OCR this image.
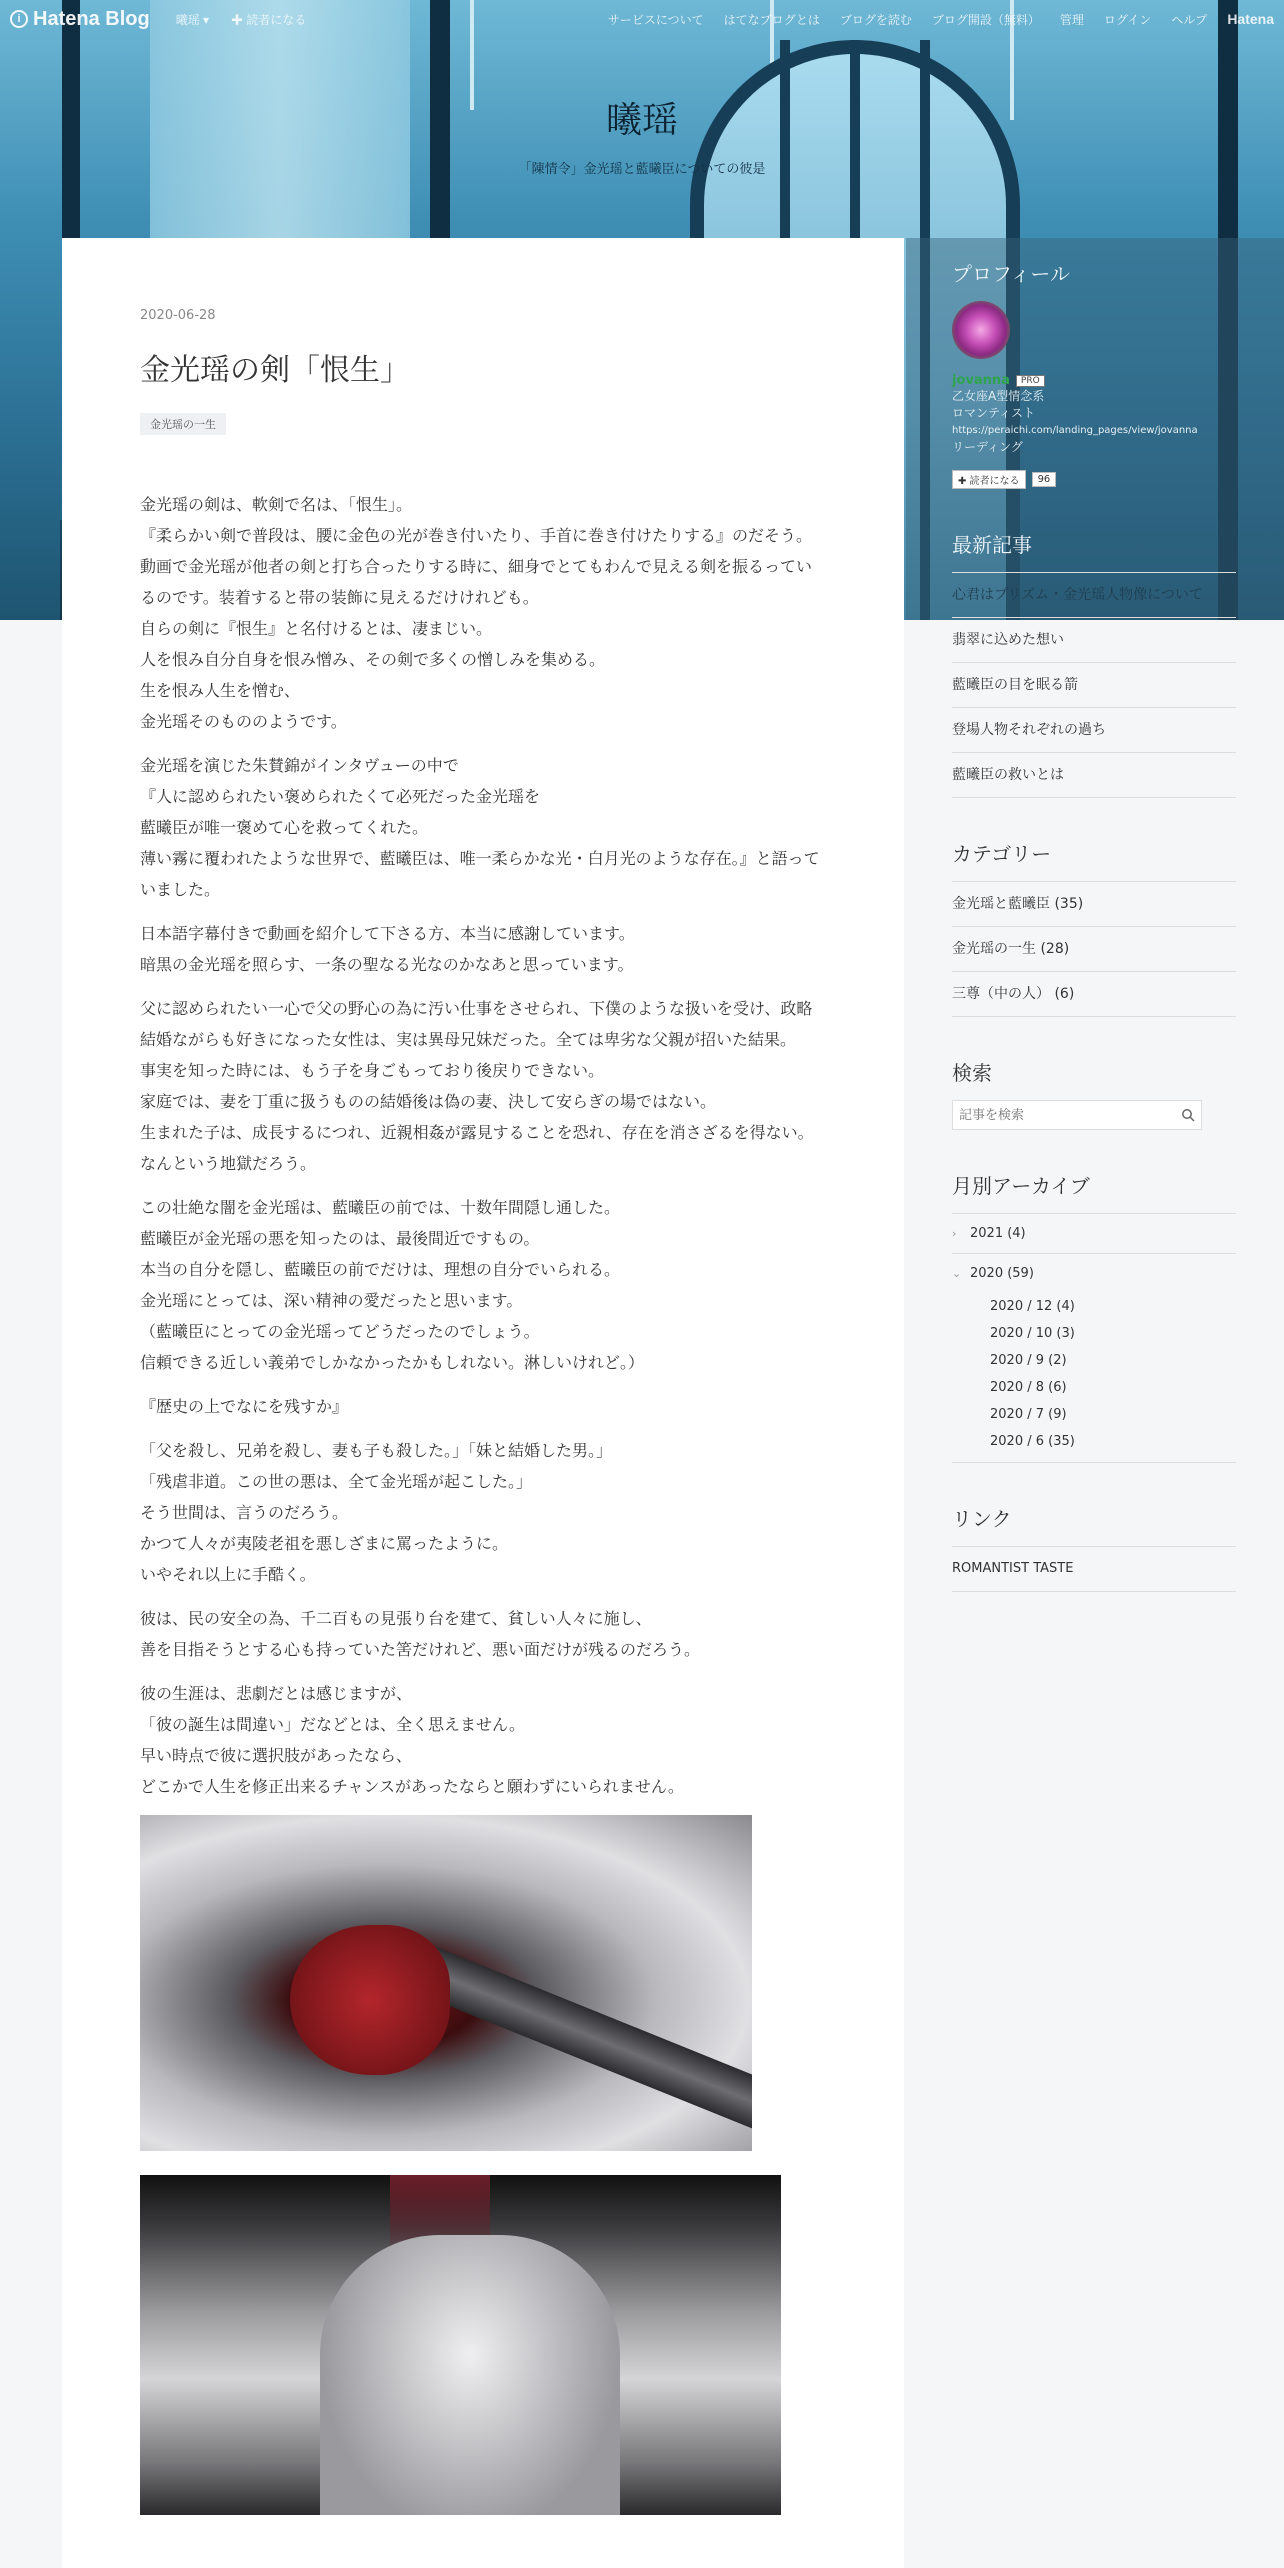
i Hatena Blog 曦瑶 ▾ ✚ 読者になる	サービスについて はてなブログとは ブログを読む ブログ開設（無料） 管理 ログイン ヘルプ Hatena
曦瑶
「陳情令」金光瑶と藍曦臣についての彼是
2020-06-28
金光瑶の剣「恨生」
金光瑶の一生
金光瑶の剣は、軟剣で名は、「恨生」。
『柔らかい剣で普段は、腰に金色の光が巻き付いたり、手首に巻き付けたりする』のだそう。
動画で金光瑶が他者の剣と打ち合ったりする時に、細身でとてもわんで見える剣を振るっているのです。装着すると帯の装飾に見えるだけけれども。
自らの剣に『恨生』と名付けるとは、凄まじい。
人を恨み自分自身を恨み憎み、その剣で多くの憎しみを集める。
生を恨み人生を憎む、
金光瑶そのもののようです。
金光瑶を演じた朱賛錦がインタヴューの中で
『人に認められたい褒められたくて必死だった金光瑶を
藍曦臣が唯一褒めて心を救ってくれた。
薄い霧に覆われたような世界で、藍曦臣は、唯一柔らかな光・白月光のような存在。』と語っていました。
日本語字幕付きで動画を紹介して下さる方、本当に感謝しています。
暗黒の金光瑶を照らす、一条の聖なる光なのかなあと思っています。
父に認められたい一心で父の野心の為に汚い仕事をさせられ、下僕のような扱いを受け、政略結婚ながらも好きになった女性は、実は異母兄妹だった。全ては卑劣な父親が招いた結果。
事実を知った時には、もう子を身ごもっており後戻りできない。
家庭では、妻を丁重に扱うものの結婚後は偽の妻、決して安らぎの場ではない。
生まれた子は、成長するにつれ、近親相姦が露見することを恐れ、存在を消さざるを得ない。
なんという地獄だろう。
この壮絶な闇を金光瑶は、藍曦臣の前では、十数年間隠し通した。
藍曦臣が金光瑶の悪を知ったのは、最後間近ですもの。
本当の自分を隠し、藍曦臣の前でだけは、理想の自分でいられる。
金光瑶にとっては、深い精神の愛だったと思います。
（藍曦臣にとっての金光瑶ってどうだったのでしょう。
信頼できる近しい義弟でしかなかったかもしれない。淋しいけれど。）
『歴史の上でなにを残すか』
「父を殺し、兄弟を殺し、妻も子も殺した。」「妹と結婚した男。」
「残虐非道。この世の悪は、全て金光瑶が起こした。」
そう世間は、言うのだろう。
かつて人々が夷陵老祖を悪しざまに罵ったように。
いやそれ以上に手酷く。
彼は、民の安全の為、千二百もの見張り台を建て、貧しい人々に施し、
善を目指そうとする心も持っていた筈だけれど、悪い面だけが残るのだろう。
彼の生涯は、悲劇だとは感じますが、
「彼の誕生は間違い」だなどとは、全く思えません。
早い時点で彼に選択肢があったなら、
どこかで人生を修正出来るチャンスがあったならと願わずにいられません。
プロフィール
jovanna	PRO
乙女座A型情念系
ロマンティスト
https://peraichi.com/landing_pages/view/jovanna
リーディング
✚ 読者になる	96
最新記事
心君はプリズム・金光瑶人物像について
翡翠に込めた想い
藍曦臣の目を眠る箭
登場人物それぞれの過ち
藍曦臣の救いとは
カテゴリー
金光瑶と藍曦臣 (35)
金光瑶の一生 (28)
三尊（中の人） (6)
検索
記事を検索
月別アーカイブ
›	2021 (4)
⌄ 2020 (59)
2020 / 12 (4)
2020 / 10 (3)
2020 / 9 (2)
2020 / 8 (6)
2020 / 7 (9)
2020 / 6 (35)
リンク
ROMANTIST TASTE
